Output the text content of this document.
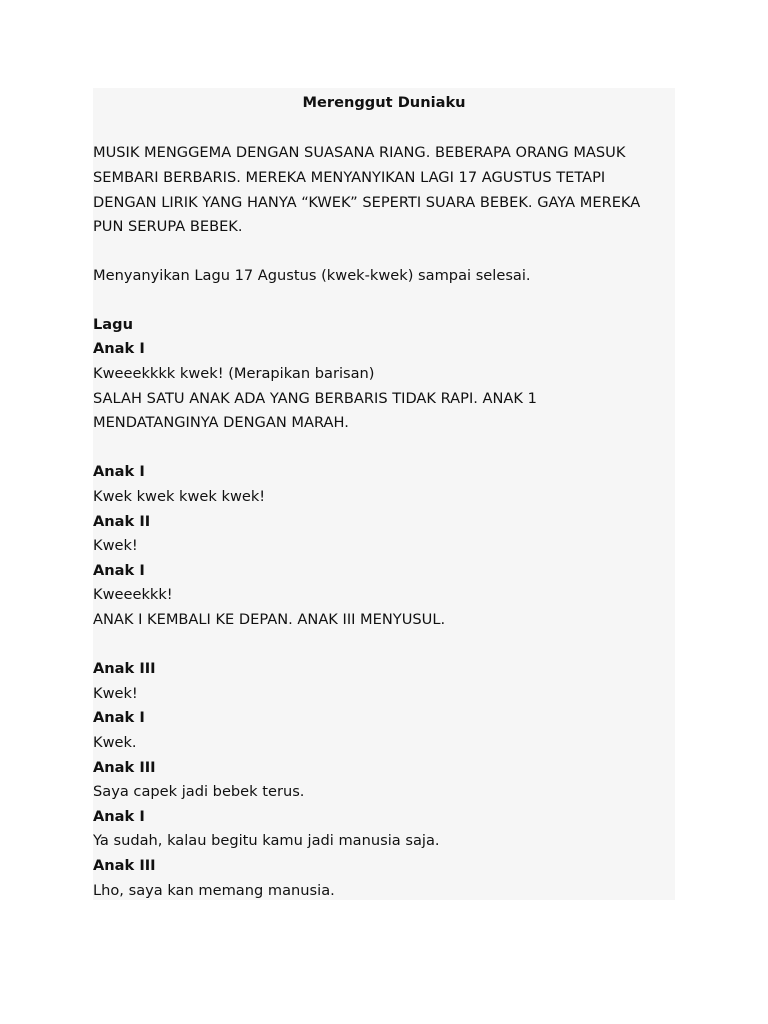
Merenggut Duniaku
MUSIK MENGGEMA DENGAN SUASANA RIANG. BEBERAPA ORANG MASUK
SEMBARI BERBARIS. MEREKA MENYANYIKAN LAGI 17 AGUSTUS TETAPI
DENGAN LIRIK YANG HANYA “KWEK” SEPERTI SUARA BEBEK. GAYA MEREKA
PUN SERUPA BEBEK.
Menyanyikan Lagu 17 Agustus (kwek-kwek) sampai selesai.
Lagu
Anak I
Kweeekkkk kwek! (Merapikan barisan)
SALAH SATU ANAK ADA YANG BERBARIS TIDAK RAPI. ANAK 1
MENDATANGINYA DENGAN MARAH.
Anak I
Kwek kwek kwek kwek!
Anak II
Kwek!
Anak I
Kweeekkk!
ANAK I KEMBALI KE DEPAN. ANAK III MENYUSUL.
Anak III
Kwek!
Anak I
Kwek.
Anak III
Saya capek jadi bebek terus.
Anak I
Ya sudah, kalau begitu kamu jadi manusia saja.
Anak III
Lho, saya kan memang manusia.
